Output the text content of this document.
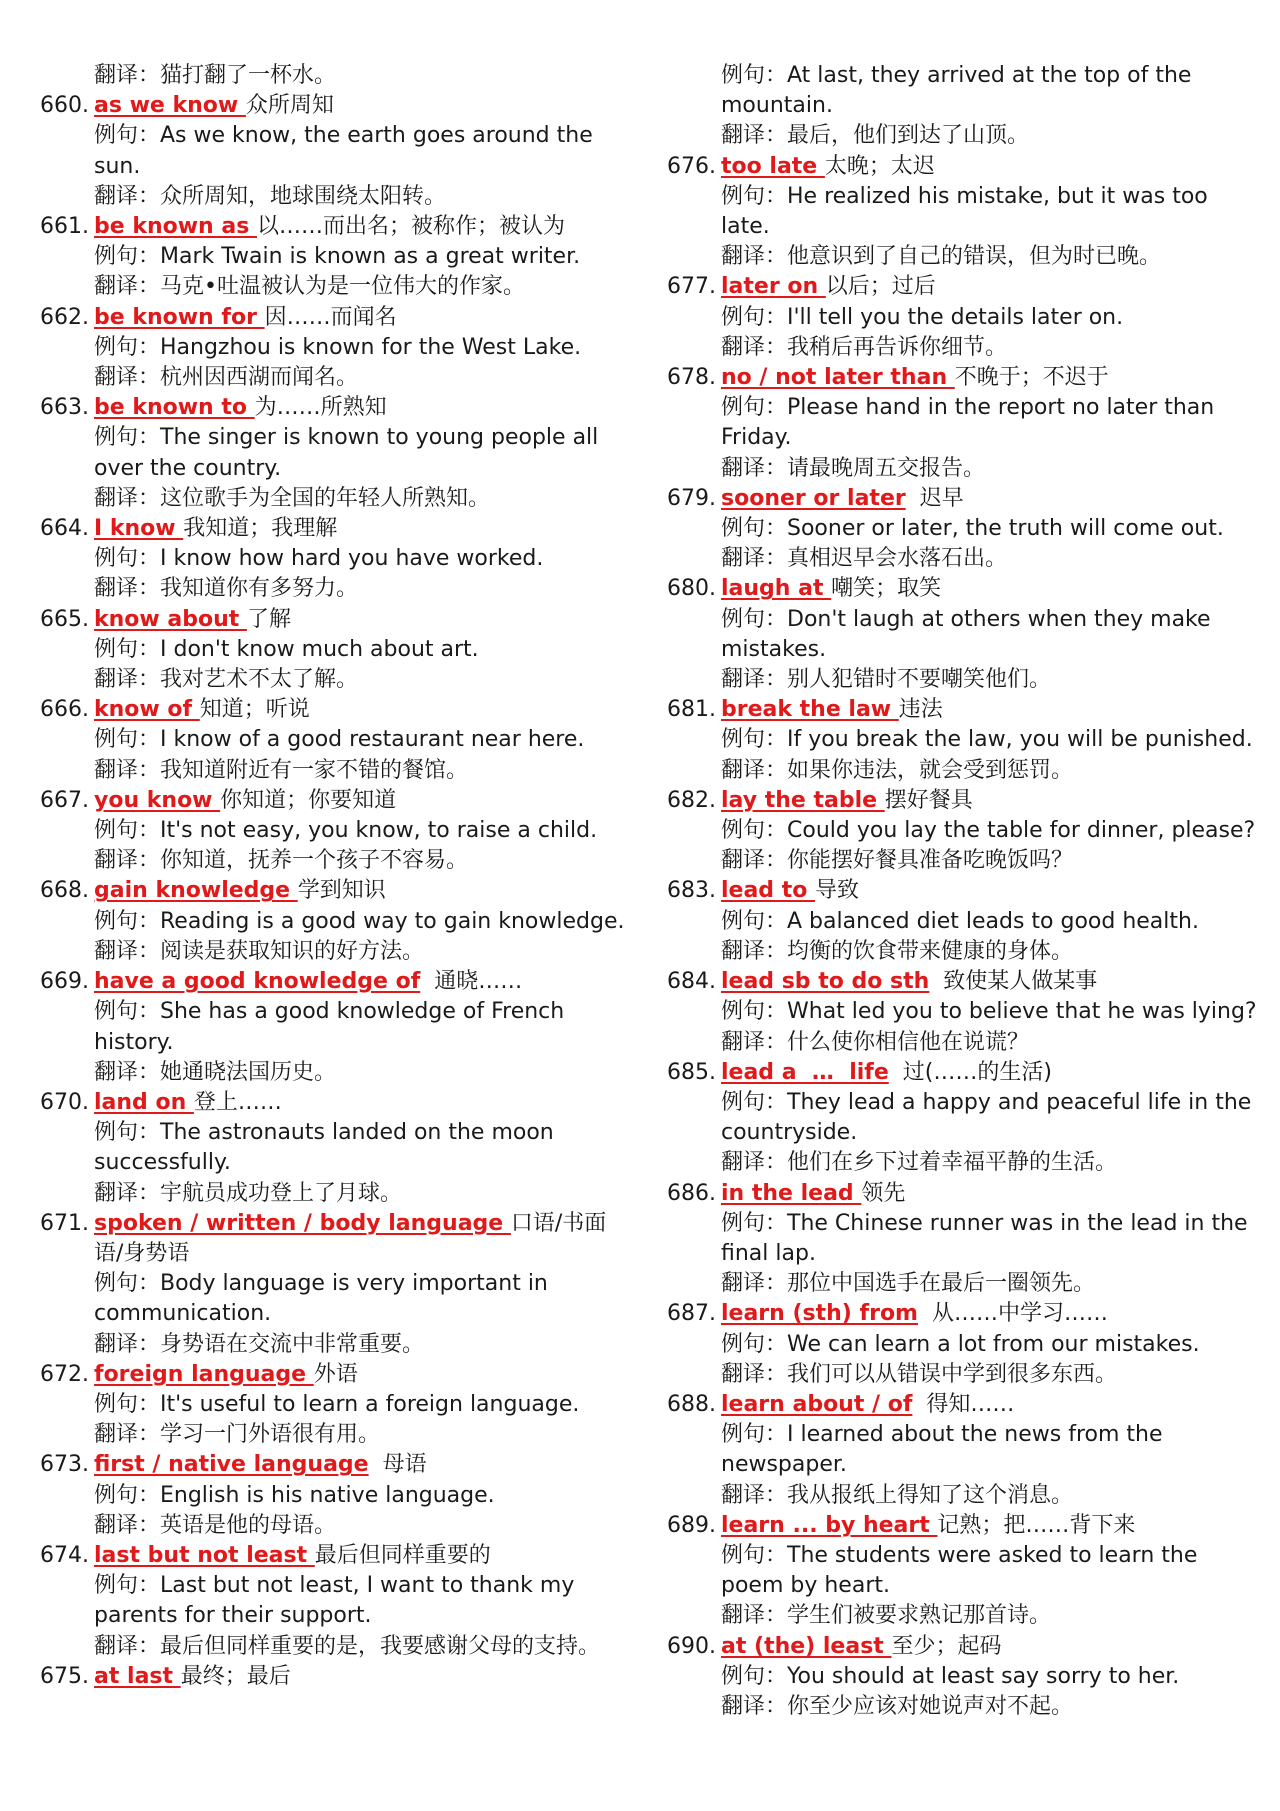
翻译：猫打翻了一杯水。
660. as we know 众所周知
例句：As we know, the earth goes around the sun.
翻译：众所周知，地球围绕太阳转。
661. be known as 以……而出名；被称作；被认为
例句：Mark Twain is known as a great writer.
翻译：马克•吐温被认为是一位伟大的作家。
662. be known for 因……而闻名
例句：Hangzhou is known for the West Lake.
翻译：杭州因西湖而闻名。
663. be known to 为……所熟知
例句：The singer is known to young people all over the country.
翻译：这位歌手为全国的年轻人所熟知。
664. I know 我知道；我理解
例句：I know how hard you have worked.
翻译：我知道你有多努力。
665. know about 了解
例句：I don't know much about art.
翻译：我对艺术不太了解。
666. know of 知道；听说
例句：I know of a good restaurant near here.
翻译：我知道附近有一家不错的餐馆。
667. you know 你知道；你要知道
例句：It's not easy, you know, to raise a child.
翻译：你知道，抚养一个孩子不容易。
668. gain knowledge 学到知识
例句：Reading is a good way to gain knowledge.
翻译：阅读是获取知识的好方法。
669. have a good knowledge of  通晓……
例句：She has a good knowledge of French history.
翻译：她通晓法国历史。
670. land on 登上……
例句：The astronauts landed on the moon successfully.
翻译：宇航员成功登上了月球。
671. spoken / written / body language 口语/书面语/身势语
例句：Body language is very important in communication.
翻译：身势语在交流中非常重要。
672. foreign language 外语
例句：It's useful to learn a foreign language.
翻译：学习一门外语很有用。
673. first / native language  母语
例句：English is his native language.
翻译：英语是他的母语。
674. last but not least 最后但同样重要的
例句：Last but not least, I want to thank my parents for their support.
翻译：最后但同样重要的是，我要感谢父母的支持。
675. at last 最终；最后
例句：At last, they arrived at the top of the mountain.
翻译：最后，他们到达了山顶。
676. too late 太晚；太迟
例句：He realized his mistake, but it was too late.
翻译：他意识到了自己的错误，但为时已晚。
677. later on 以后；过后
例句：I'll tell you the details later on.
翻译：我稍后再告诉你细节。
678. no / not later than 不晚于；不迟于
例句：Please hand in the report no later than Friday.
翻译：请最晚周五交报告。
679. sooner or later  迟早
例句：Sooner or later, the truth will come out.
翻译：真相迟早会水落石出。
680. laugh at 嘲笑；取笑
例句：Don't laugh at others when they make mistakes.
翻译：别人犯错时不要嘲笑他们。
681. break the law 违法
例句：If you break the law, you will be punished.
翻译：如果你违法，就会受到惩罚。
682. lay the table 摆好餐具
例句：Could you lay the table for dinner, please?
翻译：你能摆好餐具准备吃晚饭吗？
683. lead to 导致
例句：A balanced diet leads to good health.
翻译：均衡的饮食带来健康的身体。
684. lead sb to do sth  致使某人做某事
例句：What led you to believe that he was lying?
翻译：什么使你相信他在说谎？
685. lead a  …  life  过(……的生活)
例句：They lead a happy and peaceful life in the countryside.
翻译：他们在乡下过着幸福平静的生活。
686. in the lead 领先
例句：The Chinese runner was in the lead in the final lap.
翻译：那位中国选手在最后一圈领先。
687. learn (sth) from  从……中学习……
例句：We can learn a lot from our mistakes.
翻译：我们可以从错误中学到很多东西。
688. learn about / of  得知……
例句：I learned about the news from the newspaper.
翻译：我从报纸上得知了这个消息。
689. learn ... by heart 记熟；把……背下来
例句：The students were asked to learn the poem by heart.
翻译：学生们被要求熟记那首诗。
690. at (the) least 至少；起码
例句：You should at least say sorry to her.
翻译：你至少应该对她说声对不起。
